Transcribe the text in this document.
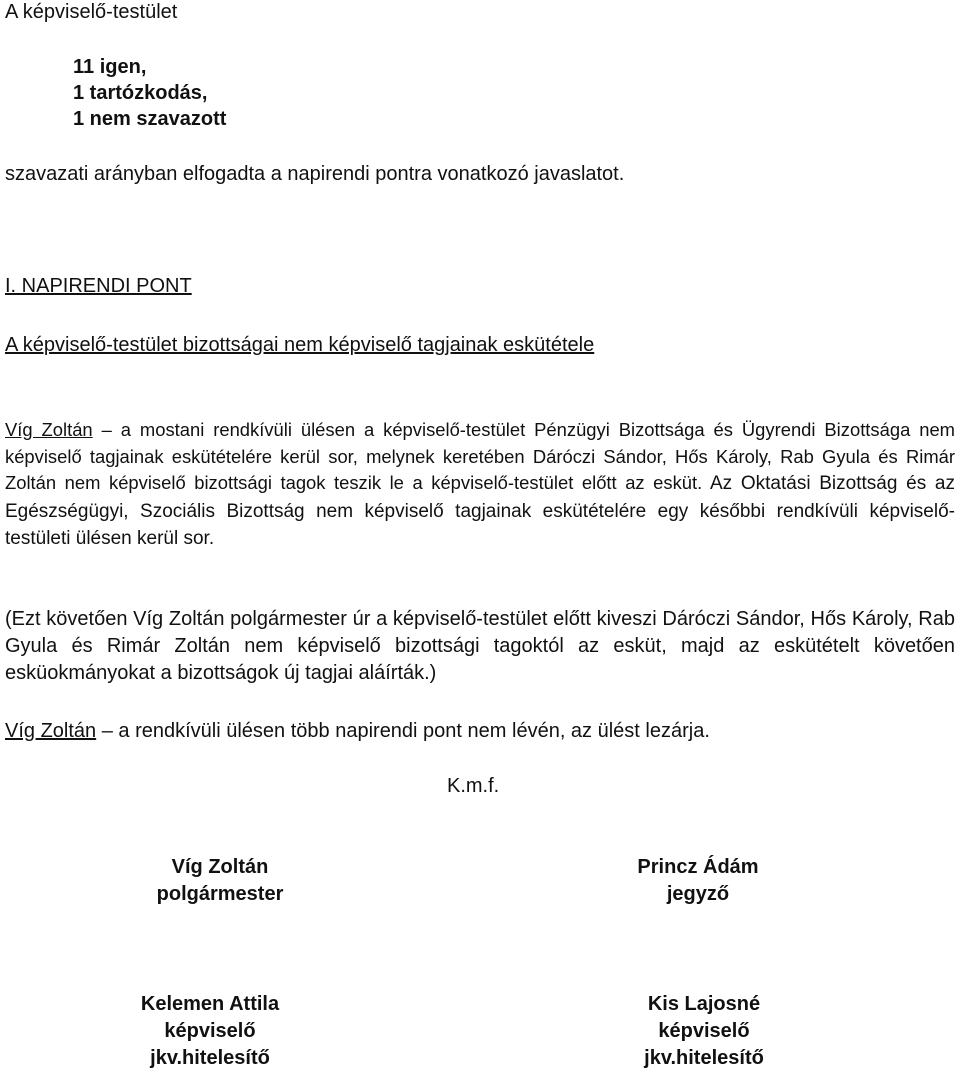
A képviselő-testület
11 igen,
1 tartózkodás,
1 nem szavazott
szavazati arányban elfogadta a napirendi pontra vonatkozó javaslatot.
I. NAPIRENDI PONT
A képviselő-testület bizottságai nem képviselő tagjainak eskütétele
Víg Zoltán – a mostani rendkívüli ülésen a képviselő-testület Pénzügyi Bizottsága és Ügyrendi Bizottsága nem képviselő tagjainak eskütételére kerül sor, melynek keretében Dáróczi Sándor, Hős Károly, Rab Gyula és Rimár Zoltán nem képviselő bizottsági tagok teszik le a képviselő-testület előtt az esküt. Az Oktatási Bizottság és az Egészségügyi, Szociális Bizottság nem képviselő tagjainak eskütételére egy későbbi rendkívüli képviselő-testületi ülésen kerül sor.
(Ezt követően Víg Zoltán polgármester úr a képviselő-testület előtt kiveszi Dáróczi Sándor, Hős Károly, Rab Gyula és Rimár Zoltán nem képviselő bizottsági tagoktól az esküt, majd az eskütételt követően esküokmányokat a bizottságok új tagjai aláírták.)
Víg Zoltán – a rendkívüli ülésen több napirendi pont nem lévén, az ülést lezárja.
K.m.f.
Víg Zoltán
polgármester
Princz Ádám
jegyző
Kelemen Attila
képviselő
jkv.hitelesítő
Kis Lajosné
képviselő
jkv.hitelesítő
